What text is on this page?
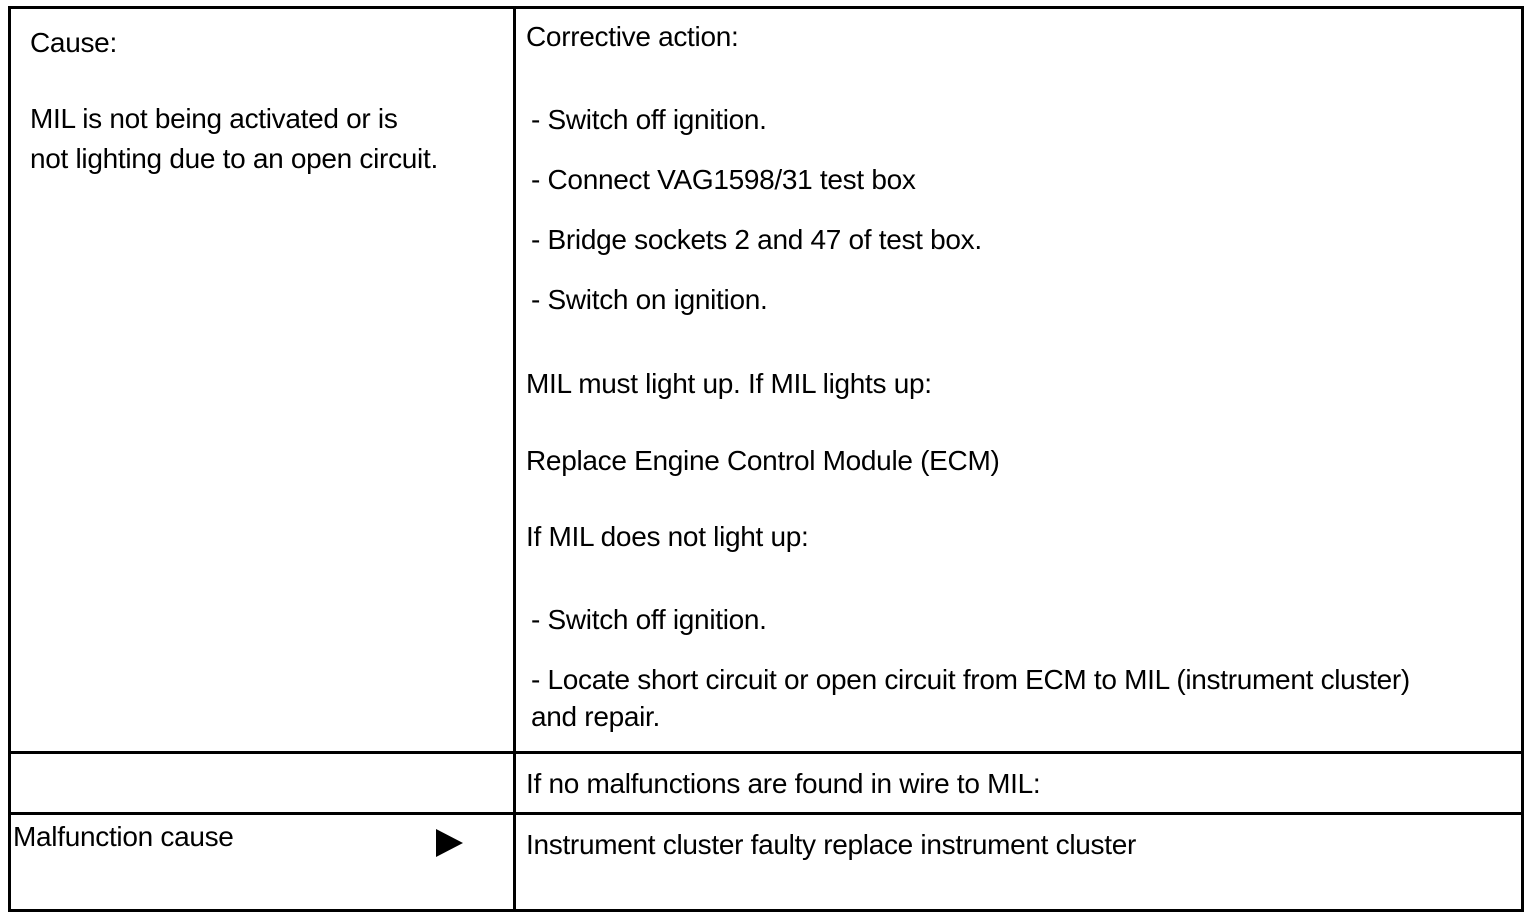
Cause:
MIL is not being activated or is
not lighting due to an open circuit.
Corrective action:
- Switch off ignition.
- Connect VAG1598/31 test box
- Bridge sockets 2 and 47 of test box.
- Switch on ignition.
MIL must light up. If MIL lights up:
Replace Engine Control Module (ECM)
If MIL does not light up:
- Switch off ignition.
- Locate short circuit or open circuit from ECM to MIL (instrument cluster)
and repair.
If no malfunctions are found in wire to MIL:
Malfunction cause	Instrument cluster faulty replace instrument cluster
